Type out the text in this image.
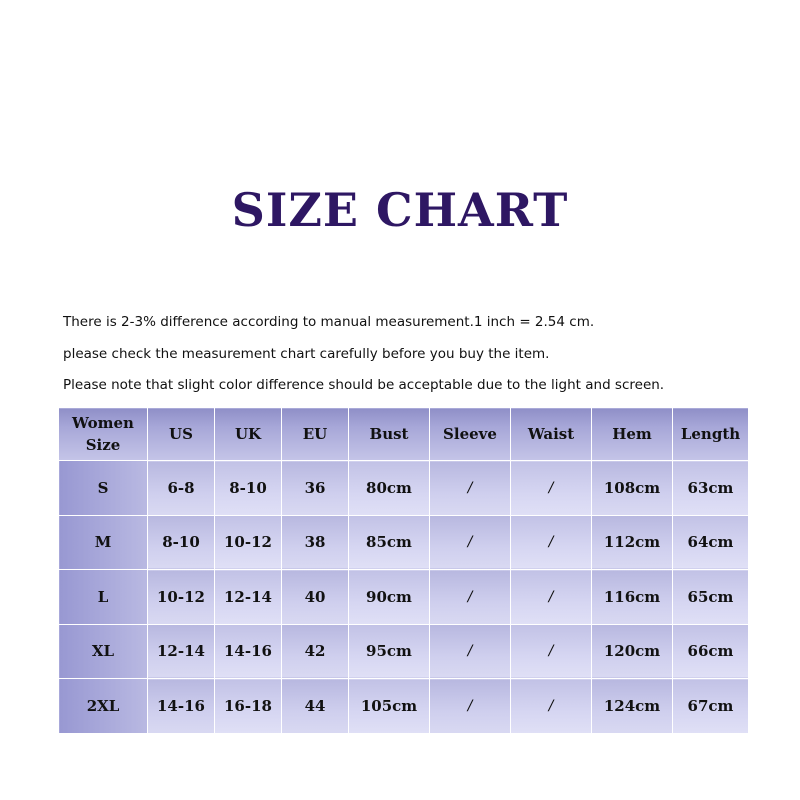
SIZE CHART
There is 2-3% difference according to manual measurement.1 inch = 2.54 cm.
please check the measurement chart carefully before you buy the item.
Please note that slight color difference should be acceptable due to the light and screen.
Women Size	US	UK	EU	Bust	Sleeve	Waist	Hem	Length
S	6-8	8-10	36	80cm	/	/	108cm	63cm
M	8-10	10-12	38	85cm	/	/	112cm	64cm
L	10-12	12-14	40	90cm	/	/	116cm	65cm
XL	12-14	14-16	42	95cm	/	/	120cm	66cm
2XL	14-16	16-18	44	105cm	/	/	124cm	67cm
